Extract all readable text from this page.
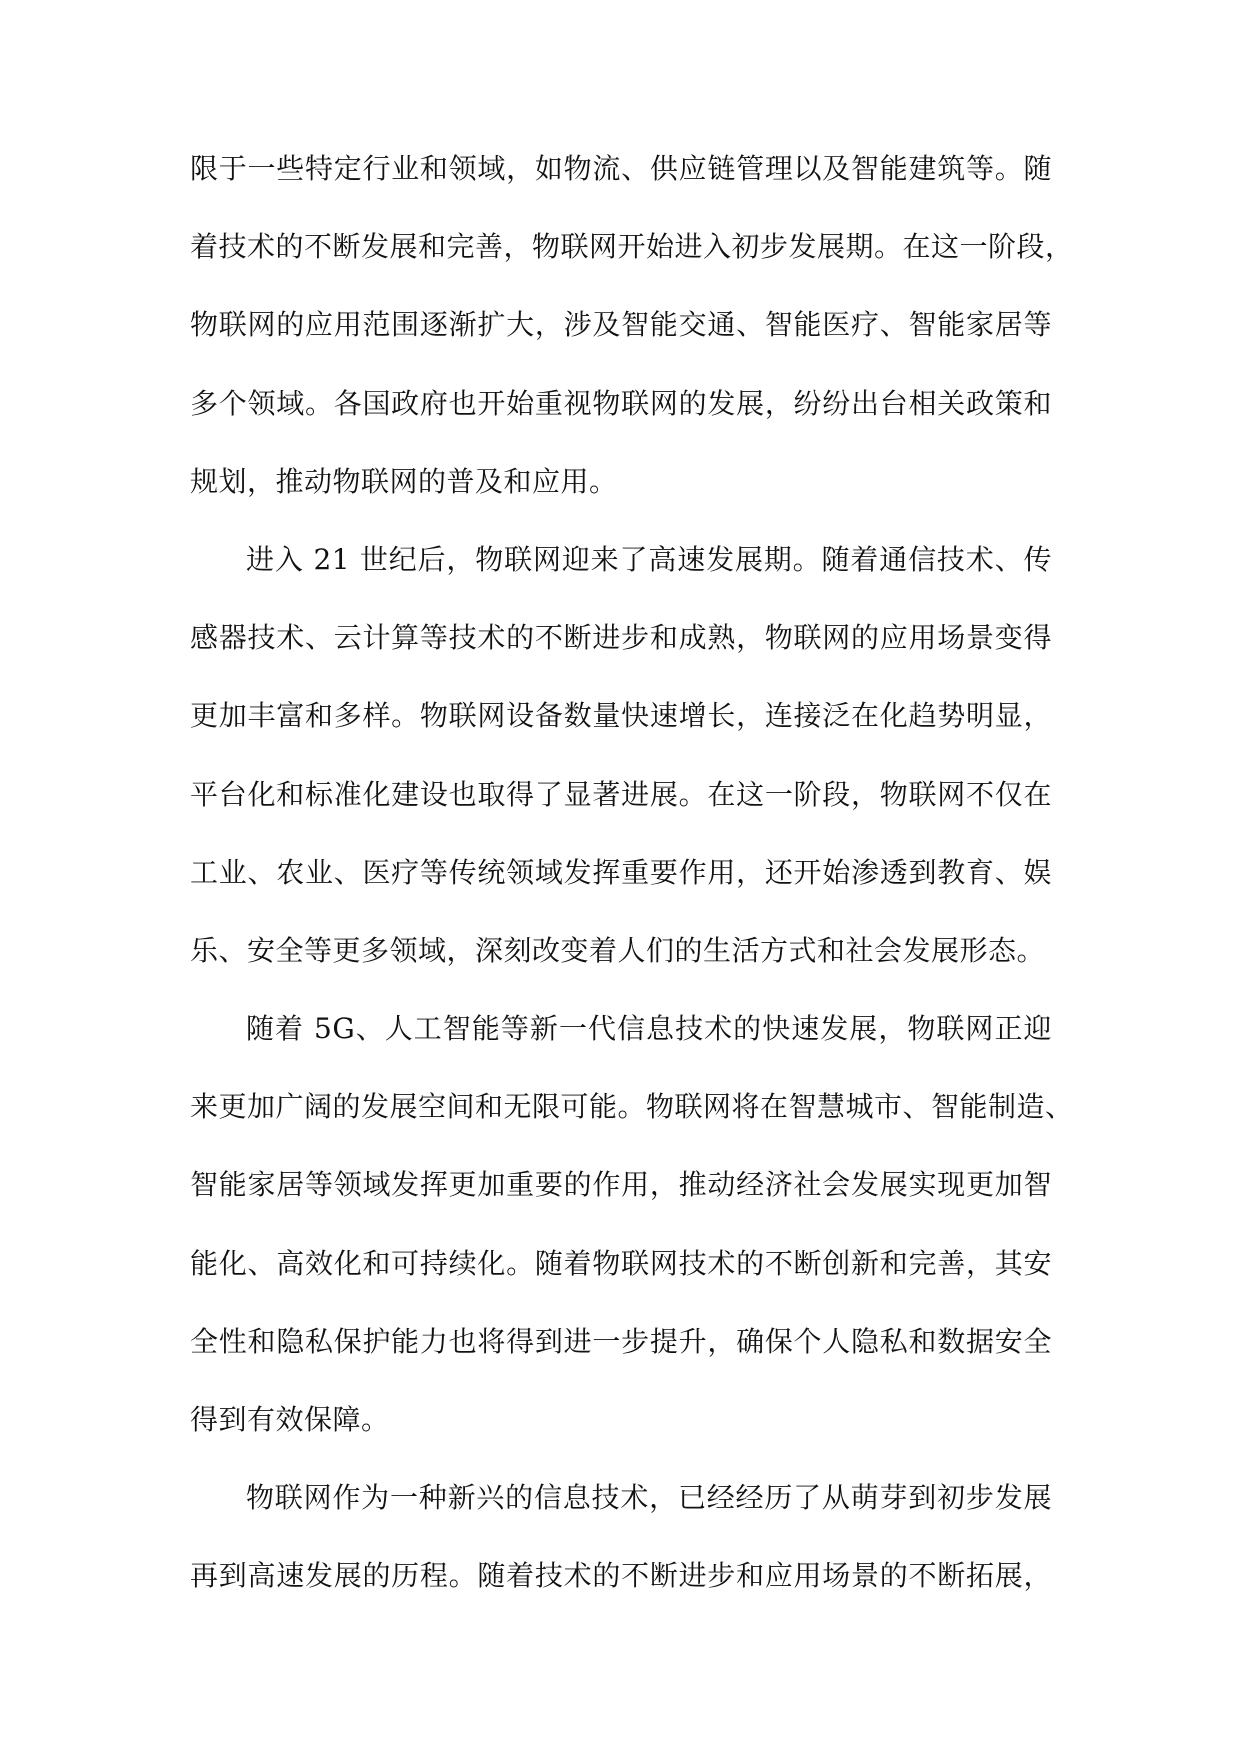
限于一些特定行业和领域，如物流、供应链管理以及智能建筑等。随
着技术的不断发展和完善，物联网开始进入初步发展期。在这一阶段，
物联网的应用范围逐渐扩大，涉及智能交通、智能医疗、智能家居等
多个领域。各国政府也开始重视物联网的发展，纷纷出台相关政策和
规划，推动物联网的普及和应用。
进入 21 世纪后，物联网迎来了高速发展期。随着通信技术、传
感器技术、云计算等技术的不断进步和成熟，物联网的应用场景变得
更加丰富和多样。物联网设备数量快速增长，连接泛在化趋势明显，
平台化和标准化建设也取得了显著进展。在这一阶段，物联网不仅在
工业、农业、医疗等传统领域发挥重要作用，还开始渗透到教育、娱
乐、安全等更多领域，深刻改变着人们的生活方式和社会发展形态。
随着 5G、人工智能等新一代信息技术的快速发展，物联网正迎
来更加广阔的发展空间和无限可能。物联网将在智慧城市、智能制造、
智能家居等领域发挥更加重要的作用，推动经济社会发展实现更加智
能化、高效化和可持续化。随着物联网技术的不断创新和完善，其安
全性和隐私保护能力也将得到进一步提升，确保个人隐私和数据安全
得到有效保障。
物联网作为一种新兴的信息技术，已经经历了从萌芽到初步发展
再到高速发展的历程。随着技术的不断进步和应用场景的不断拓展，
